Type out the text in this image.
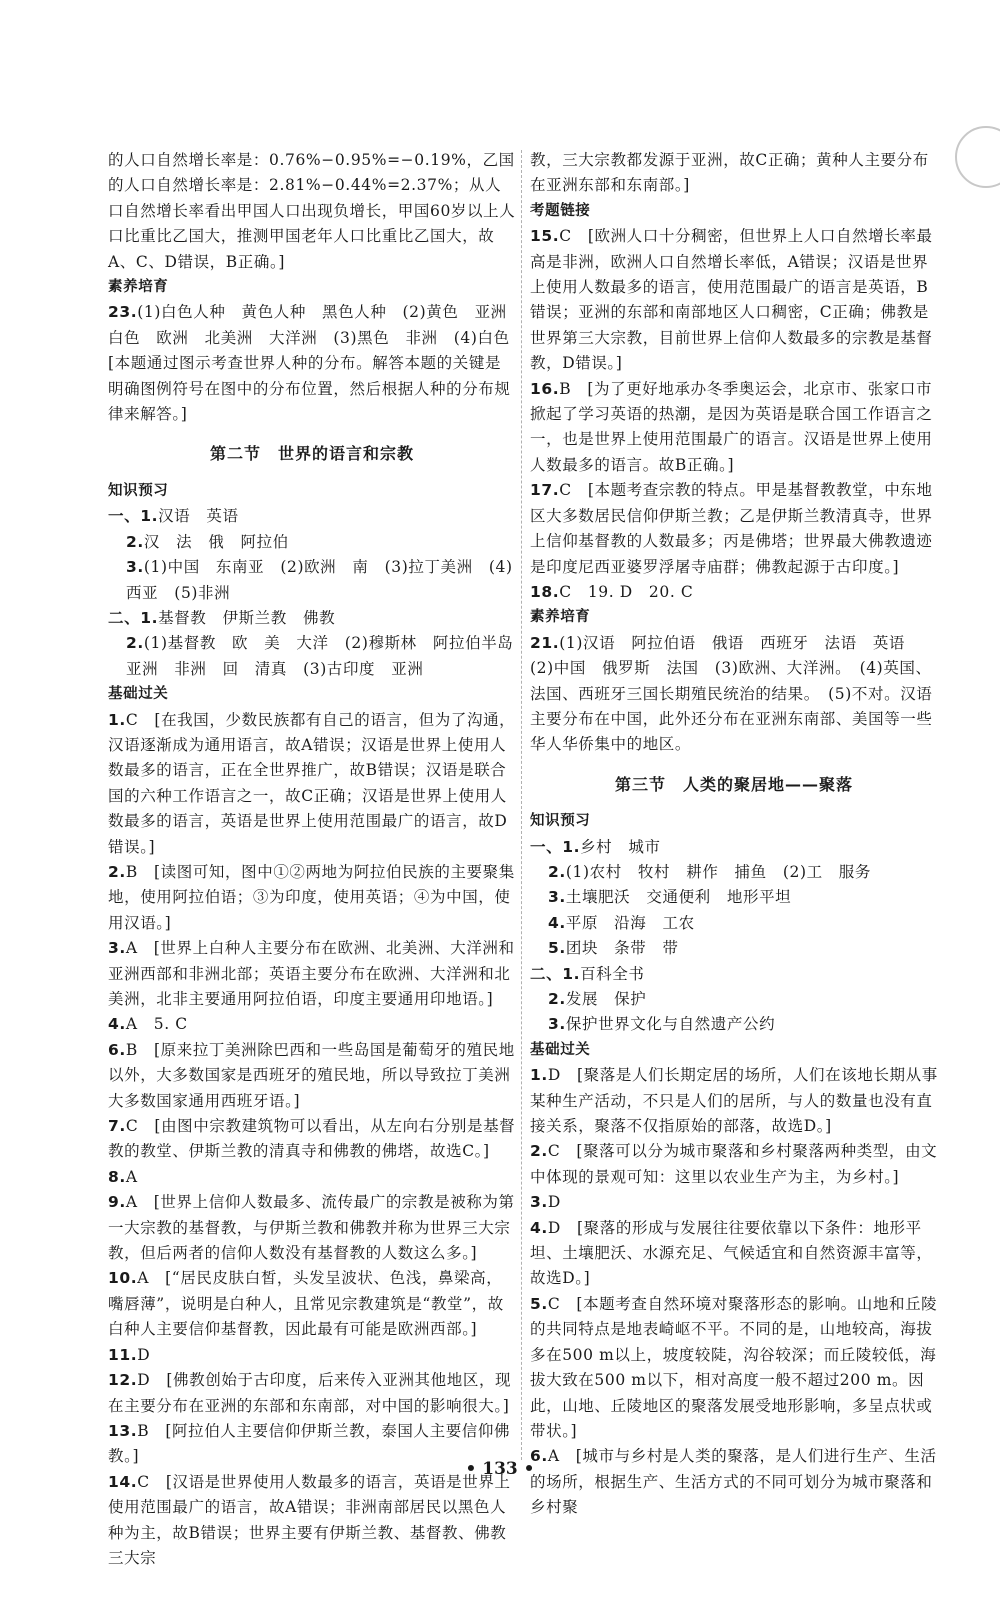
的人口自然增长率是：0.76%−0.95%=−0.19%，乙国的人口自然增长率是：2.81%−0.44%=2.37%；从人口自然增长率看出甲国人口出现负增长，甲国60岁以上人口比重比乙国大，推测甲国老年人口比重比乙国大，故A、C、D错误，B正确。]
素养培育
23.(1)白色人种　黄色人种　黑色人种　(2)黄色　亚洲　白色　欧洲　北美洲　大洋洲　(3)黑色　非洲　(4)白色
[本题通过图示考查世界人种的分布。解答本题的关键是明确图例符号在图中的分布位置，然后根据人种的分布规律来解答。]
第二节　世界的语言和宗教
知识预习
一、1.汉语　英语
2.汉　法　俄　阿拉伯
3.(1)中国　东南亚　(2)欧洲　南　(3)拉丁美洲　(4)西亚　(5)非洲
二、1.基督教　伊斯兰教　佛教
2.(1)基督教　欧　美　大洋　(2)穆斯林　阿拉伯半岛　亚洲　非洲　回　清真　(3)古印度　亚洲
基础过关
1.C　[在我国，少数民族都有自己的语言，但为了沟通，汉语逐渐成为通用语言，故A错误；汉语是世界上使用人数最多的语言，正在全世界推广，故B错误；汉语是联合国的六种工作语言之一，故C正确；汉语是世界上使用人数最多的语言，英语是世界上使用范围最广的语言，故D错误。]
2.B　[读图可知，图中①②两地为阿拉伯民族的主要聚集地，使用阿拉伯语；③为印度，使用英语；④为中国，使用汉语。]
3.A　[世界上白种人主要分布在欧洲、北美洲、大洋洲和亚洲西部和非洲北部；英语主要分布在欧洲、大洋洲和北美洲，北非主要通用阿拉伯语，印度主要通用印地语。]
4.A　5. C
6.B　[原来拉丁美洲除巴西和一些岛国是葡萄牙的殖民地以外，大多数国家是西班牙的殖民地，所以导致拉丁美洲大多数国家通用西班牙语。]
7.C　[由图中宗教建筑物可以看出，从左向右分别是基督教的教堂、伊斯兰教的清真寺和佛教的佛塔，故选C。]
8.A
9.A　[世界上信仰人数最多、流传最广的宗教是被称为第一大宗教的基督教，与伊斯兰教和佛教并称为世界三大宗教，但后两者的信仰人数没有基督教的人数这么多。]
10.A　[“居民皮肤白皙，头发呈波状、色浅，鼻梁高，嘴唇薄”，说明是白种人，且常见宗教建筑是“教堂”，故白种人主要信仰基督教，因此最有可能是欧洲西部。]
11.D
12.D　[佛教创始于古印度，后来传入亚洲其他地区，现在主要分布在亚洲的东部和东南部，对中国的影响很大。]
13.B　[阿拉伯人主要信仰伊斯兰教，泰国人主要信仰佛教。]
14.C　[汉语是世界使用人数最多的语言，英语是世界上使用范围最广的语言，故A错误；非洲南部居民以黑色人种为主，故B错误；世界主要有伊斯兰教、基督教、佛教三大宗
教，三大宗教都发源于亚洲，故C正确；黄种人主要分布在亚洲东部和东南部。]
考题链接
15.C　[欧洲人口十分稠密，但世界上人口自然增长率最高是非洲，欧洲人口自然增长率低，A错误；汉语是世界上使用人数最多的语言，使用范围最广的语言是英语，B错误；亚洲的东部和南部地区人口稠密，C正确；佛教是世界第三大宗教，目前世界上信仰人数最多的宗教是基督教，D错误。]
16.B　[为了更好地承办冬季奥运会，北京市、张家口市掀起了学习英语的热潮，是因为英语是联合国工作语言之一，也是世界上使用范围最广的语言。汉语是世界上使用人数最多的语言。故B正确。]
17.C　[本题考查宗教的特点。甲是基督教教堂，中东地区大多数居民信仰伊斯兰教；乙是伊斯兰教清真寺，世界上信仰基督教的人数最多；丙是佛塔；世界最大佛教遗迹是印度尼西亚婆罗浮屠寺庙群；佛教起源于古印度。]
18.C　19. D　20. C
素养培育
21.(1)汉语　阿拉伯语　俄语　西班牙　法语　英语　(2)中国　俄罗斯　法国　(3)欧洲、大洋洲。　(4)英国、法国、西班牙三国长期殖民统治的结果。　(5)不对。汉语主要分布在中国，此外还分布在亚洲东南部、美国等一些华人华侨集中的地区。
第三节　人类的聚居地——聚落
知识预习
一、1.乡村　城市
2.(1)农村　牧村　耕作　捕鱼　(2)工　服务
3.土壤肥沃　交通便利　地形平坦
4.平原　沿海　工农
5.团块　条带　带
二、1.百科全书
2.发展　保护
3.保护世界文化与自然遗产公约
基础过关
1.D　[聚落是人们长期定居的场所，人们在该地长期从事某种生产活动，不只是人们的居所，与人的数量也没有直接关系，聚落不仅指原始的部落，故选D。]
2.C　[聚落可以分为城市聚落和乡村聚落两种类型，由文中体现的景观可知：这里以农业生产为主，为乡村。]
3.D
4.D　[聚落的形成与发展往往要依靠以下条件：地形平坦、土壤肥沃、水源充足、气候适宜和自然资源丰富等，故选D。]
5.C　[本题考查自然环境对聚落形态的影响。山地和丘陵的共同特点是地表崎岖不平。不同的是，山地较高，海拔多在500 m以上，坡度较陡，沟谷较深；而丘陵较低，海拔大致在500 m以下，相对高度一般不超过200 m。因此，山地、丘陵地区的聚落发展受地形影响，多呈点状或带状。]
6.A　[城市与乡村是人类的聚落，是人们进行生产、生活的场所，根据生产、生活方式的不同可划分为城市聚落和乡村聚
• 133 •
